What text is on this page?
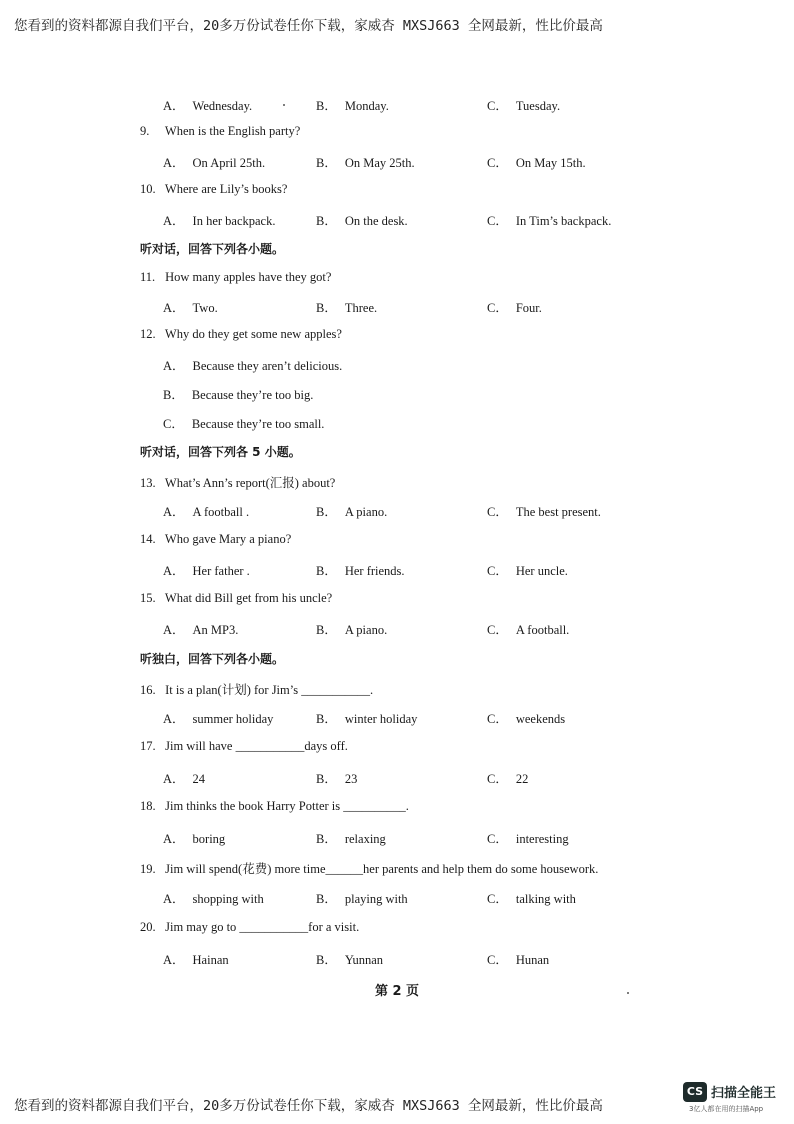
您看到的资料都源自我们平台，20多万份试卷任你下载，家威杏 MXSJ663 全网最新，性比价最高
A． Wednesday.	B． Monday.	C． Tuesday.
9. When is the English party?
A． On April 25th.	B． On May 25th.	C． On May 15th.
10. Where are Lily’s books?
A． In her backpack.	B． On the desk.	C． In Tim’s backpack.
听对话，回答下列各小题。
11. How many apples have they got?
A． Two.	B． Three.	C． Four.
12. Why do they get some new apples?
A． Because they aren’t delicious.
B． Because they’re too big.
C． Because they’re too small.
听对话，回答下列各 5 小题。
13. What’s Ann’s report(汇报) about?
A． A football .	B． A piano.	C． The best present.
14. Who gave Mary a piano?
A． Her father .	B． Her friends.	C． Her uncle.
15. What did Bill get from his uncle?
A． An MP3.	B． A piano.	C． A football.
听独白，回答下列各小题。
16. It is a plan(计划) for Jim’s ___________.
A． summer holiday	B． winter holiday	C． weekends
17. Jim will have ___________days off.
A． 24	B． 23	C． 22
18. Jim thinks the book Harry Potter is __________.
A． boring	B． relaxing	C． interesting
19. Jim will spend(花费) more time______her parents and help them do some housework.
A． shopping with	B． playing with	C． talking with
20. Jim may go to ___________for a visit.
A． Hainan	B． Yunnan	C． Hunan
第 2 页
您看到的资料都源自我们平台，20多万份试卷任你下载，家威杏 MXSJ663 全网最新，性比价最高
CS 扫描全能王
3亿人都在用的扫描App
